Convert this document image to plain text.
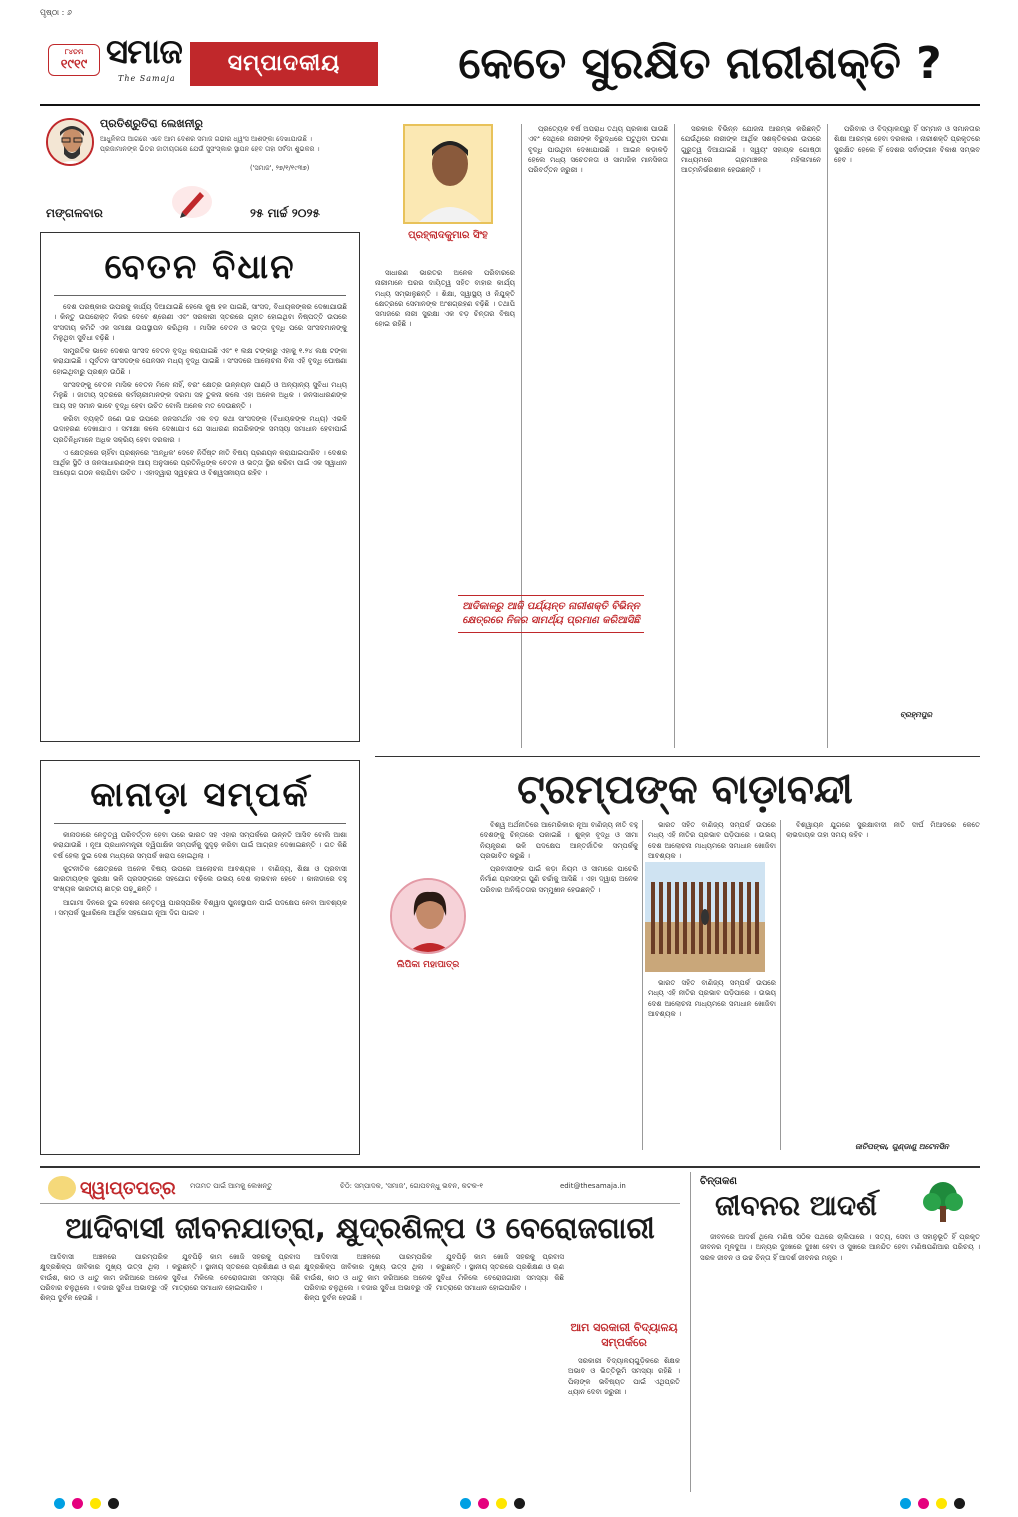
ପୃଷ୍ଠା : ୬
୮୪ତମ
୧୯୧୯ ସମାଜ
The Samaja
ସମ୍ପାଦକୀୟ	କେତେ ସୁରକ୍ଷିତ ନାରୀଶକ୍ତି ?
ପ୍ରତିଶ୍ରୁତିରା ଲେଖନୀରୁ
ଆଧୁନିକତା ଆଗରେ ଏବେ ଆମ ଦେଶର ସମାଜ ଗଭୀର ଧ୍ୱଂସ ଆଶଙ୍କା ଦେଖାଯାଉଛି । ପ୍ରଜାମାନଙ୍କ ଭିତର ଜାତୀୟତାରେ ଯେଉଁ ସୁସଂସ୍କାର ସ୍ଥାପନ ହେବ ତାହା ସର୍ବଦା ଶୁଭକର ।
('ସମାଜ', ୨୭/୧/୧୯୩୭)
ମଙ୍ଗଳବାର	୨୫ ମାର୍ଚ୍ଚ ୨୦୨୫
ବେତନ ବିଧାନ

ଦେଶ ପରଷ୍କାର ଉପରକୁ କାର୍ଯ୍ୟ ଦିଆଯାଇଛି ହେଲେ କୁଷ ହଳ ପାଇଛି, ସାଂସଦ, ବିଧାୟକଙ୍କର ଦେଖାଯାଉଛି । କିନ୍ତୁ ଉପରୋକ୍ତ ନିଜର ଦେବେ ଶ୍ରେଣୀ ଏବଂ ସରକାରୀ ସ୍ତରରେ ଗୃହୀତ ହୋଇଥିବା ନିଷ୍ପତ୍ତି ଉପରେ ସଂସଦୀୟ କମିଟି ଏକ ସମୀକ୍ଷା ଉପସ୍ଥାପନ କରିଥିଲା । ମାସିକ ବେତନ ଓ ଭତ୍ତା ବୃଦ୍ଧି ପରେ ସାଂସଦମାନଙ୍କୁ ମିଳୁଥିବା ସୁବିଧା ବଢ଼ିଛି ।

ସାମ୍ପ୍ରତିକ ଭାବେ ଦେଶର ସାଂସଦ ବେତନ ବୃଦ୍ଧି କରାଯାଇଛି ଏବଂ ୧ ଲକ୍ଷ ଟଙ୍କାରୁ ଏହାକୁ ୧.୨୪ ଲକ୍ଷ ଟଙ୍କା କରାଯାଇଛି । ପୂର୍ବତନ ସାଂସଦଙ୍କ ପେନସନ ମଧ୍ୟ ବୃଦ୍ଧି ପାଇଛି । ସଂସଦରେ ଆଲୋଚନା ବିନା ଏହି ବୃଦ୍ଧି ଘୋଷଣା ହୋଇଥିବାରୁ ପ୍ରଶ୍ନ ଉଠିଛି ।

ସାଂସଦଙ୍କୁ ବେତନ ମାସିକ ବେତନ ମିଳେ ନାହିଁ, ବରଂ କ୍ଷେତ୍ର ଉନ୍ନୟନ ପାଣ୍ଠି ଓ ଅନ୍ୟାନ୍ୟ ସୁବିଧା ମଧ୍ୟ ମିଳୁଛି । ଜାତୀୟ ସ୍ତରରେ କର୍ମଚାରୀମାନଙ୍କ ଦରମା ସହ ତୁଳନା କଲେ ଏହା ଅନେକ ଅଧିକ । ଜନସାଧାରଣଙ୍କ ଆୟ ସହ ସମାନ ଭାବେ ବୃଦ୍ଧି ହେବା ଉଚିତ ବୋଲି ଅନେକ ମତ ଦେଉଛନ୍ତି ।

କରିବା ବ୍ୟକ୍ତି ଜଣେ ଉଚ୍ଚ ଉପରେ ଜନସମର୍ଥନ ଏକ ବଡ଼ କଥା ସାଂସଦଙ୍କ (ବିଧାୟକଙ୍କ ମଧ୍ୟ) ଏଭଳି ଉଦାହରଣ ଦେଖାଯାଏ । ସମୀକ୍ଷା କଲେ ଦେଖାଯାଏ ଯେ ସାଧାରଣ ନାଗରିକଙ୍କ ସମସ୍ୟା ସମାଧାନ ହେବାପାଇଁ ପ୍ରତିନିଧିମାନେ ଅଧିକ ସକ୍ରିୟ ହେବା ଦରକାର ।

ଏ କ୍ଷେତ୍ରରେ ଚାହିଁବା ପ୍ରଶ୍ନରେ 'ଅନ୍ଧିକ' ଦେବେ ନିର୍ଦ୍ଦିଷ୍ଟ ନୀତି ବିଷୟ ପ୍ରଣୟନ କରାଯାଇପାରିବ । ଦେଶର ଆର୍ଥିକ ସ୍ଥିତି ଓ ଜନସାଧାରଣଙ୍କ ଆୟ ଅନୁସାରେ ପ୍ରତିନିଧିଙ୍କ ବେତନ ଓ ଭତ୍ତା ସ୍ଥିର କରିବା ପାଇଁ ଏକ ସ୍ୱାଧୀନ ଆୟୋଗ ଗଠନ କରାଯିବା ଉଚିତ । ଏହାଦ୍ୱାରା ସ୍ୱଚ୍ଛତା ଓ ବିଶ୍ୱସନୀୟତା ରହିବ ।

କାନାଡ଼ା ସମ୍ପର୍କ

କାନାଡାରେ ନେତୃତ୍ୱ ପରିବର୍ତ୍ତନ ହେବା ପରେ ଭାରତ ସହ ଏହାର ସମ୍ପର୍କରେ ଉନ୍ନତି ଆସିବ ବୋଲି ଆଶା କରାଯାଉଛି । ନୂଆ ପ୍ରଧାନମନ୍ତ୍ରୀ ଦ୍ୱିପାକ୍ଷିକ ସମ୍ପର୍କକୁ ସୁଦୃଢ଼ କରିବା ପାଇଁ ଆଗ୍ରହ ଦେଖାଇଛନ୍ତି । ଗତ କିଛି ବର୍ଷ ହେଲା ଦୁଇ ଦେଶ ମଧ୍ୟରେ ସମ୍ପର୍କ ଖରାପ ହୋଇଥିଲା ।

କୁଟନୀତିକ କ୍ଷେତ୍ରରେ ଅନେକ ବିଷୟ ଉପରେ ଆଲୋଚନା ଆବଶ୍ୟକ । ବାଣିଜ୍ୟ, ଶିକ୍ଷା ଓ ପ୍ରବାସୀ ଭାରତୀୟଙ୍କ ସୁରକ୍ଷା ଭଳି ପ୍ରସଙ୍ଗରେ ସହଯୋଗ ବଢ଼ିଲେ ଉଭୟ ଦେଶ ଲାଭବାନ ହେବେ । କାନାଡାରେ ବହୁ ସଂଖ୍ୟକ ଭାରତୀୟ ଛାତ୍ର ପଢ଼ୁଛନ୍ତି ।

ଆଗାମୀ ଦିନରେ ଦୁଇ ଦେଶର ନେତୃତ୍ୱ ପାରସ୍ପରିକ ବିଶ୍ୱାସ ପୁନଃସ୍ଥାପନ ପାଇଁ ପଦକ୍ଷେପ ନେବା ଆବଶ୍ୟକ । ସମ୍ପର୍କ ସୁଧାରିଲେ ଆର୍ଥିକ ସହଯୋଗ ନୂଆ ଦିଗ ପାଇବ ।

ପ୍ରହ୍ଲାଦକୁମାର ସିଂହ

ସାଧାରଣ ଭାରତର ଅନେକ ପରିବାରରେ ନାରୀମାନେ ଘରର ଦାୟିତ୍ୱ ସହିତ ବାହାର କାର୍ଯ୍ୟ ମଧ୍ୟ ସମ୍ଭାଳୁଛନ୍ତି । ଶିକ୍ଷା, ସ୍ୱାସ୍ଥ୍ୟ ଓ ନିଯୁକ୍ତି କ୍ଷେତ୍ରରେ ସେମାନଙ୍କ ଅଂଶଗ୍ରହଣ ବଢ଼ିଛି । ତଥାପି ସମାଜରେ ନାରୀ ସୁରକ୍ଷା ଏକ ବଡ଼ ଚିନ୍ତାର ବିଷୟ ହୋଇ ରହିଛି ।

ପ୍ରତ୍ୟେକ ବର୍ଷ ଅପରାଧ ତଥ୍ୟ ପ୍ରକାଶ ପାଉଛି ଏବଂ ସେଥିରେ ନାରୀଙ୍କ ବିରୁଦ୍ଧରେ ଘଟୁଥିବା ଘଟଣା ବୃଦ୍ଧି ପାଉଥିବା ଦେଖାଯାଉଛି । ଆଇନ କଡ଼ାକଡ଼ି ହେଲେ ମଧ୍ୟ ସଚେତନତା ଓ ସାମାଜିକ ମାନସିକତା ପରିବର୍ତ୍ତନ ଜରୁରୀ ।

ଆଦିକାଳରୁ ଆଜି ପର୍ଯ୍ୟନ୍ତ ନାରୀଶକ୍ତି ବିଭିନ୍ନ କ୍ଷେତ୍ରରେ ନିଜର ସାମର୍ଥ୍ୟ ପ୍ରମାଣ କରିଆସିଛି

ସରକାର ବିଭିନ୍ନ ଯୋଜନା ଆରମ୍ଭ କରିଛନ୍ତି ଯେଉଁଥିରେ ନାରୀଙ୍କ ଆର୍ଥିକ ସଶକ୍ତିକରଣ ଉପରେ ଗୁରୁତ୍ୱ ଦିଆଯାଇଛି । ସ୍ୱୟଂ ସହାୟକ ଗୋଷ୍ଠୀ ମାଧ୍ୟମରେ ଗ୍ରାମାଞ୍ଚଳର ମହିଳାମାନେ ଆତ୍ମନିର୍ଭରଶୀଳ ହେଉଛନ୍ତି ।

ପରିବାର ଓ ବିଦ୍ୟାଳୟରୁ ହିଁ ସମ୍ମାନ ଓ ସମାନତାର ଶିକ୍ଷା ଆରମ୍ଭ ହେବା ଦରକାର । ନାରୀଶକ୍ତି ପ୍ରକୃତରେ ସୁରକ୍ଷିତ ହେଲେ ହିଁ ଦେଶର ସର୍ବାଙ୍ଗୀନ ବିକାଶ ସମ୍ଭବ ହେବ ।

ବ୍ରହ୍ମପୁର
ଟ୍ରମ୍ପଙ୍କ ବାଡ଼ାବନ୍ଦୀ
ଲିପିକା ମହାପାତ୍ର

ବିଶ୍ୱ ଅର୍ଥନୀତିରେ ଆମେରିକାର ନୂଆ ବାଣିଜ୍ୟ ନୀତି ବହୁ ଦେଶଙ୍କୁ ଚିନ୍ତାରେ ପକାଇଛି । ଶୁଳ୍କ ବୃଦ୍ଧି ଓ ସୀମା ନିୟନ୍ତ୍ରଣ ଭଳି ପଦକ୍ଷେପ ଆନ୍ତର୍ଜାତିକ ସମ୍ପର୍କକୁ ପ୍ରଭାବିତ କରୁଛି ।

ପ୍ରବାସୀଙ୍କ ପାଇଁ କଡ଼ା ନିୟମ ଓ ସୀମାରେ ପାଚେରି ନିର୍ମାଣ ପ୍ରସଙ୍ଗ ପୁଣି ଚର୍ଚ୍ଚାକୁ ଆସିଛି । ଏହା ଦ୍ୱାରା ଅନେକ ପରିବାର ଅନିଶ୍ଚିତତାର ସମ୍ମୁଖୀନ ହେଉଛନ୍ତି ।

ଭାରତ ସହିତ ବାଣିଜ୍ୟ ସମ୍ପର୍କ ଉପରେ ମଧ୍ୟ ଏହି ନୀତିର ପ୍ରଭାବ ପଡ଼ିପାରେ । ଉଭୟ ଦେଶ ଆଲୋଚନା ମାଧ୍ୟମରେ ସମାଧାନ ଖୋଜିବା ଆବଶ୍ୟକ ।

ଭାରତ ସହିତ ବାଣିଜ୍ୟ ସମ୍ପର୍କ ଉପରେ ମଧ୍ୟ ଏହି ନୀତିର ପ୍ରଭାବ ପଡ଼ିପାରେ । ଉଭୟ ଦେଶ ଆଲୋଚନା ମାଧ୍ୟମରେ ସମାଧାନ ଖୋଜିବା ଆବଶ୍ୟକ ।

ବିଶ୍ୱାୟନ ଯୁଗରେ ସୁରକ୍ଷାବାଦୀ ନୀତି ଦୀର୍ଘ ମିଆଦରେ କେତେ ଲାଭଦାୟକ ତାହା ସମୟ କହିବ ।

ଜାତିପଙ୍କା, ଗୁଣ୍ଡାଣୁ ଅଟେନସିନ
ସ୍ୱାପ୍ତପତ୍ର ମତାମତ ପାଇଁ ଆମକୁ ଲେଖନ୍ତୁ	ଚିଠି: ସମ୍ପାଦକ, 'ସମାଜ', ଗୋପବନ୍ଧୁ ଭବନ, କଟକ-୧	edit@thesamaja.in
ଆଦିବାସୀ ଜୀବନଯାତ୍ରା, କ୍ଷୁଦ୍ରଶିଳ୍ପ ଓ ବେରୋଜଗାରୀ

ଆଦିବାସୀ ଅଞ୍ଚଳରେ ପାରମ୍ପରିକ କ୍ଷୁଦ୍ରଶିଳ୍ପ ଜୀବିକାର ମୁଖ୍ୟ ଉତ୍ସ ଥିଲା । ବାଉଁଶ, କାଠ ଓ ଧାତୁ କାମ ଜରିଆରେ ଅନେକ ପରିବାର ଚଳୁଥିଲେ । ବଜାର ସୁବିଧା ଅଭାବରୁ ଏହି ଶିଳ୍ପ ଦୁର୍ବଳ ହେଉଛି ।

ଯୁବପିଢ଼ି କାମ ଖୋଜି ସହରକୁ ପ୍ରବାସ କରୁଛନ୍ତି । ସ୍ଥାନୀୟ ସ୍ତରରେ ପ୍ରଶିକ୍ଷଣ ଓ ଋଣ ସୁବିଧା ମିଳିଲେ ବେରୋଜଗାରୀ ସମସ୍ୟା କିଛି ମାତ୍ରାରେ ସମାଧାନ ହୋଇପାରିବ ।

ଆଦିବାସୀ ଅଞ୍ଚଳରେ ପାରମ୍ପରିକ କ୍ଷୁଦ୍ରଶିଳ୍ପ ଜୀବିକାର ମୁଖ୍ୟ ଉତ୍ସ ଥିଲା । ବାଉଁଶ, କାଠ ଓ ଧାତୁ କାମ ଜରିଆରେ ଅନେକ ପରିବାର ଚଳୁଥିଲେ । ବଜାର ସୁବିଧା ଅଭାବରୁ ଏହି ଶିଳ୍ପ ଦୁର୍ବଳ ହେଉଛି ।

ଯୁବପିଢ଼ି କାମ ଖୋଜି ସହରକୁ ପ୍ରବାସ କରୁଛନ୍ତି । ସ୍ଥାନୀୟ ସ୍ତରରେ ପ୍ରଶିକ୍ଷଣ ଓ ଋଣ ସୁବିଧା ମିଳିଲେ ବେରୋଜଗାରୀ ସମସ୍ୟା କିଛି ମାତ୍ରାରେ ସମାଧାନ ହୋଇପାରିବ ।

ଆମ ସରକାରୀ ବିଦ୍ୟାଳୟ ସମ୍ପର୍କରେ

ସରକାରୀ ବିଦ୍ୟାଳୟଗୁଡ଼ିକରେ ଶିକ୍ଷକ ଅଭାବ ଓ ଭିତ୍ତିଭୂମି ସମସ୍ୟା ରହିଛି । ପିଲାଙ୍କ ଭବିଷ୍ୟତ ପାଇଁ ଏଥିପ୍ରତି ଧ୍ୟାନ ଦେବା ଜରୁରୀ ।

ଚିନ୍ତାକଣ
ଜୀବନର ଆଦର୍ଶ

ଜୀବନରେ ଆଦର୍ଶ ଥିଲେ ମଣିଷ ସଠିକ ପଥରେ ଚାଲିପାରେ । ସତ୍ୟ, ସେବା ଓ ସହାନୁଭୂତି ହିଁ ପ୍ରକୃତ ଜୀବନର ମୂଳଦୁଆ । ଅନ୍ୟର ଦୁଃଖରେ ଦୁଃଖୀ ହେବା ଓ ସୁଖରେ ଆନନ୍ଦିତ ହେବା ମଣିଷପଣିଆର ପରିଚୟ । ସରଳ ଜୀବନ ଓ ଉଚ୍ଚ ଚିନ୍ତା ହିଁ ଆଦର୍ଶ ଜୀବନର ମନ୍ତ୍ର ।
